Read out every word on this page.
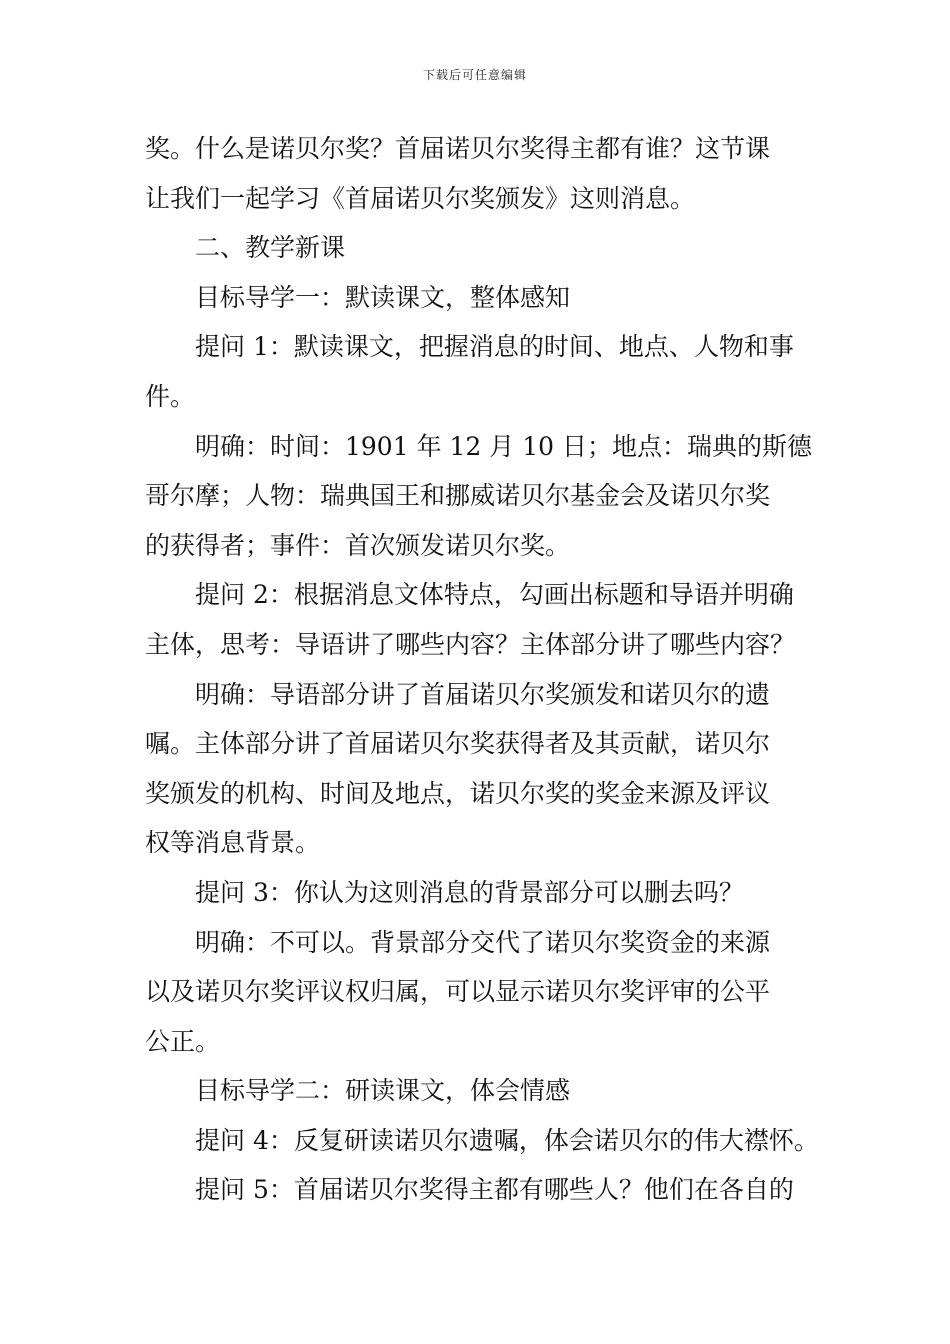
下载后可任意编辑
奖。什么是诺贝尔奖？首届诺贝尔奖得主都有谁？这节课
让我们一起学习《首届诺贝尔奖颁发》这则消息。
二、教学新课
目标导学一：默读课文，整体感知
提问 1：默读课文，把握消息的时间、地点、人物和事
件。
明确：时间：1901 年 12 月 10 日；地点：瑞典的斯德
哥尔摩；人物：瑞典国王和挪威诺贝尔基金会及诺贝尔奖
的获得者；事件：首次颁发诺贝尔奖。
提问 2：根据消息文体特点，勾画出标题和导语并明确
主体，思考：导语讲了哪些内容？主体部分讲了哪些内容？
明确：导语部分讲了首届诺贝尔奖颁发和诺贝尔的遗
嘱。主体部分讲了首届诺贝尔奖获得者及其贡献，诺贝尔
奖颁发的机构、时间及地点，诺贝尔奖的奖金来源及评议
权等消息背景。
提问 3：你认为这则消息的背景部分可以删去吗？
明确：不可以。背景部分交代了诺贝尔奖资金的来源
以及诺贝尔奖评议权归属，可以显示诺贝尔奖评审的公平
公正。
目标导学二：研读课文，体会情感
提问 4：反复研读诺贝尔遗嘱，体会诺贝尔的伟大襟怀。
提问 5：首届诺贝尔奖得主都有哪些人？他们在各自的
